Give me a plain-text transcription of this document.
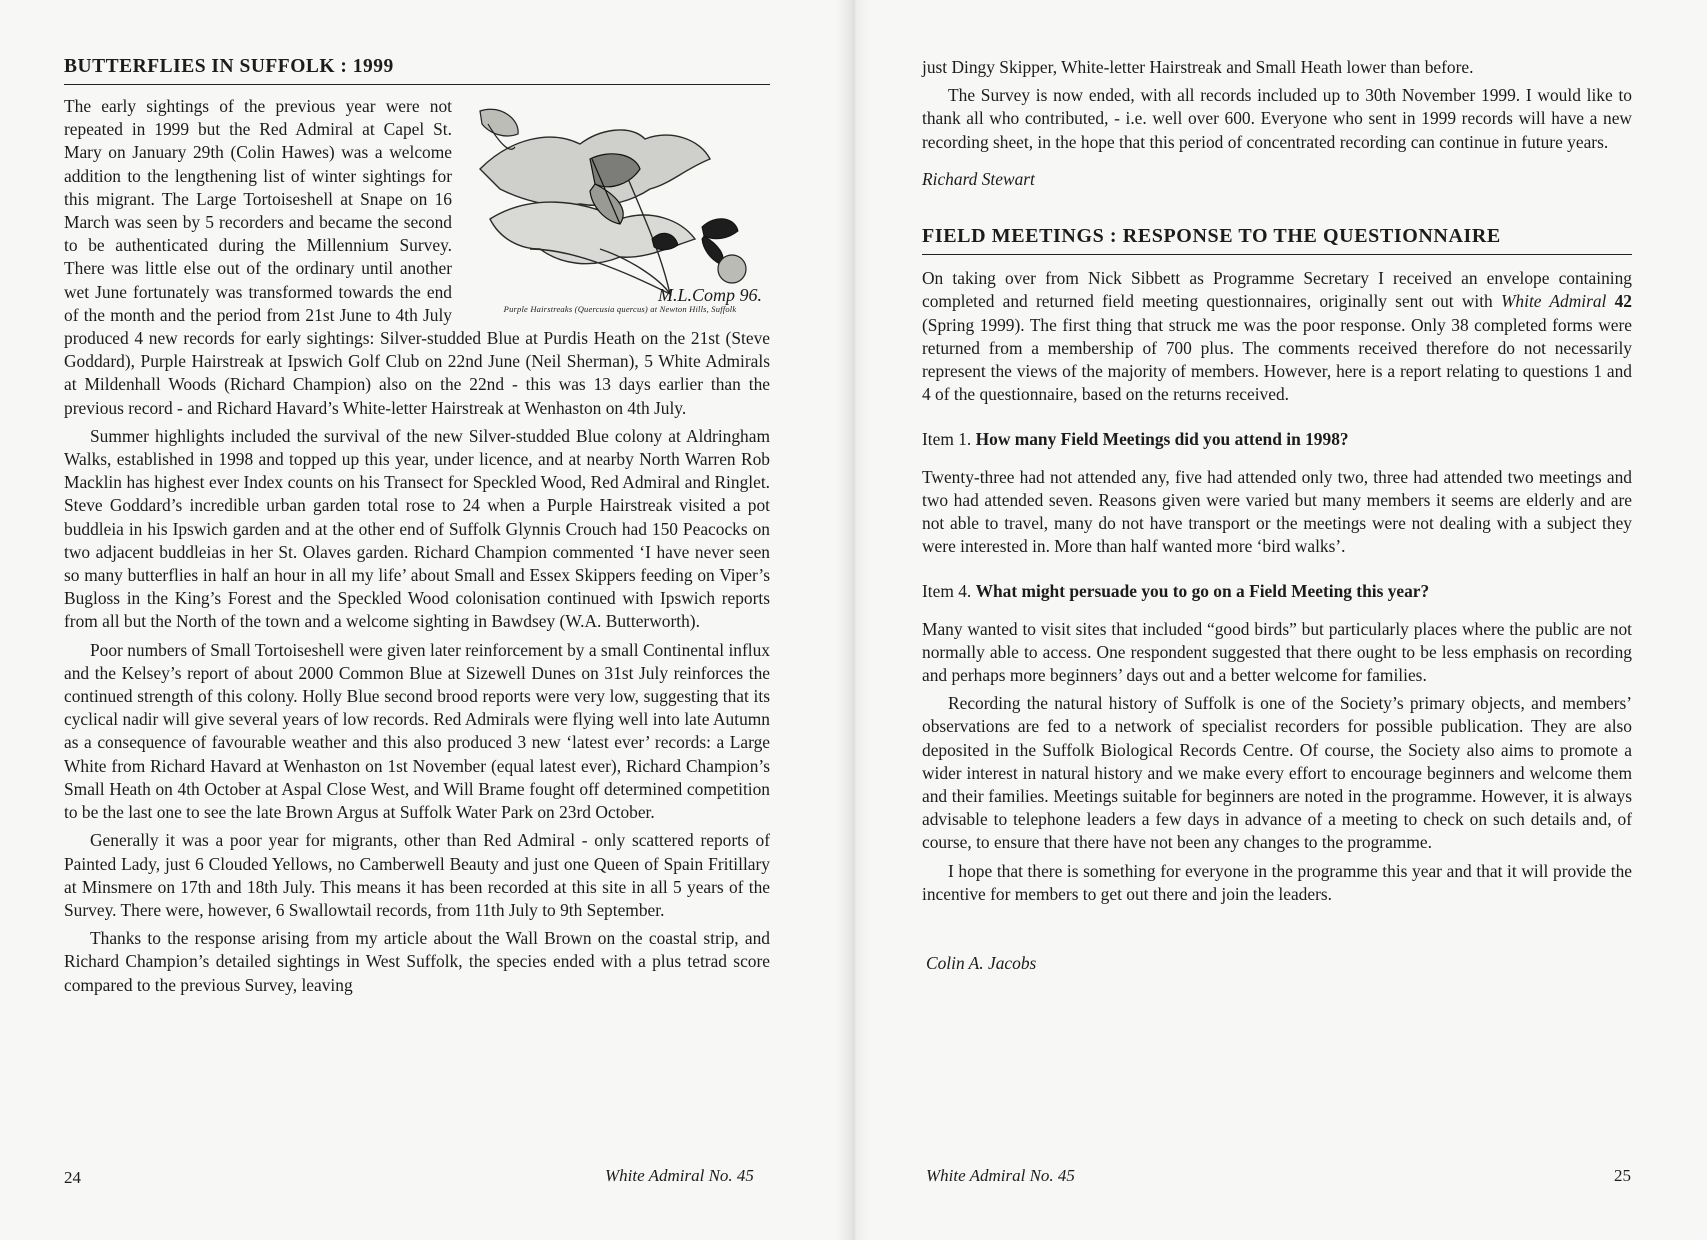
BUTTERFLIES IN SUFFOLK : 1999
M.L.Comp 96.
Purple Hairstreaks (Quercusia quercus) at Newton Hills, Suffolk

The early sightings of the previous year were not repeated in 1999 but the Red Admiral at Capel St. Mary on January 29th (Colin Hawes) was a welcome addition to the lengthening list of winter sightings for this migrant. The Large Tortoiseshell at Snape on 16 March was seen by 5 recorders and became the second to be authenticated during the Millennium Survey. There was little else out of the ordinary until another wet June fortunately was transformed towards the end of the month and the period from 21st June to 4th July produced 4 new records for early sightings: Silver-studded Blue at Purdis Heath on the 21st (Steve Goddard), Purple Hairstreak at Ipswich Golf Club on 22nd June (Neil Sherman), 5 White Admirals at Mildenhall Woods (Richard Champion) also on the 22nd - this was 13 days earlier than the previous record - and Richard Havard’s White-letter Hairstreak at Wenhaston on 4th July.

Summer highlights included the survival of the new Silver-studded Blue colony at Aldringham Walks, established in 1998 and topped up this year, under licence, and at nearby North Warren Rob Macklin has highest ever Index counts on his Transect for Speckled Wood, Red Admiral and Ringlet. Steve Goddard’s incredible urban garden total rose to 24 when a Purple Hairstreak visited a pot buddleia in his Ipswich garden and at the other end of Suffolk Glynnis Crouch had 150 Peacocks on two adjacent buddleias in her St. Olaves garden. Richard Champion commented ‘I have never seen so many butterflies in half an hour in all my life’ about Small and Essex Skippers feeding on Viper’s Bugloss in the King’s Forest and the Speckled Wood colonisation continued with Ipswich reports from all but the North of the town and a welcome sighting in Bawdsey (W.A. Butterworth).

Poor numbers of Small Tortoiseshell were given later reinforcement by a small Continental influx and the Kelsey’s report of about 2000 Common Blue at Sizewell Dunes on 31st July reinforces the continued strength of this colony. Holly Blue second brood reports were very low, suggesting that its cyclical nadir will give several years of low records. Red Admirals were flying well into late Autumn as a consequence of favourable weather and this also produced 3 new ‘latest ever’ records: a Large White from Richard Havard at Wenhaston on 1st November (equal latest ever), Richard Champion’s Small Heath on 4th October at Aspal Close West, and Will Brame fought off determined competition to be the last one to see the late Brown Argus at Suffolk Water Park on 23rd October.

Generally it was a poor year for migrants, other than Red Admiral - only scattered reports of Painted Lady, just 6 Clouded Yellows, no Camberwell Beauty and just one Queen of Spain Fritillary at Minsmere on 17th and 18th July. This means it has been recorded at this site in all 5 years of the Survey. There were, however, 6 Swallowtail records, from 11th July to 9th September.

Thanks to the response arising from my article about the Wall Brown on the coastal strip, and Richard Champion’s detailed sightings in West Suffolk, the species ended with a plus tetrad score compared to the previous Survey, leaving

24	White Admiral No. 45

just Dingy Skipper, White-letter Hairstreak and Small Heath lower than before.

The Survey is now ended, with all records included up to 30th November 1999. I would like to thank all who contributed, - i.e. well over 600. Everyone who sent in 1999 records will have a new recording sheet, in the hope that this period of concentrated recording can continue in future years.

Richard Stewart
FIELD MEETINGS : RESPONSE TO THE QUESTIONNAIRE

On taking over from Nick Sibbett as Programme Secretary I received an envelope containing completed and returned field meeting questionnaires, originally sent out with White Admiral 42 (Spring 1999). The first thing that struck me was the poor response. Only 38 completed forms were returned from a membership of 700 plus. The comments received therefore do not necessarily represent the views of the majority of members. However, here is a report relating to questions 1 and 4 of the questionnaire, based on the returns received.

Item 1. How many Field Meetings did you attend in 1998?

Twenty-three had not attended any, five had attended only two, three had attended two meetings and two had attended seven. Reasons given were varied but many members it seems are elderly and are not able to travel, many do not have transport or the meetings were not dealing with a subject they were interested in. More than half wanted more ‘bird walks’.

Item 4. What might persuade you to go on a Field Meeting this year?

Many wanted to visit sites that included “good birds” but particularly places where the public are not normally able to access. One respondent suggested that there ought to be less emphasis on recording and perhaps more beginners’ days out and a better welcome for families.

Recording the natural history of Suffolk is one of the Society’s primary objects, and members’ observations are fed to a network of specialist recorders for possible publication. They are also deposited in the Suffolk Biological Records Centre. Of course, the Society also aims to promote a wider interest in natural history and we make every effort to encourage beginners and welcome them and their families. Meetings suitable for beginners are noted in the programme. However, it is always advisable to telephone leaders a few days in advance of a meeting to check on such details and, of course, to ensure that there have not been any changes to the programme.

I hope that there is something for everyone in the programme this year and that it will provide the incentive for members to get out there and join the leaders.

Colin A. Jacobs
White Admiral No. 45	25
